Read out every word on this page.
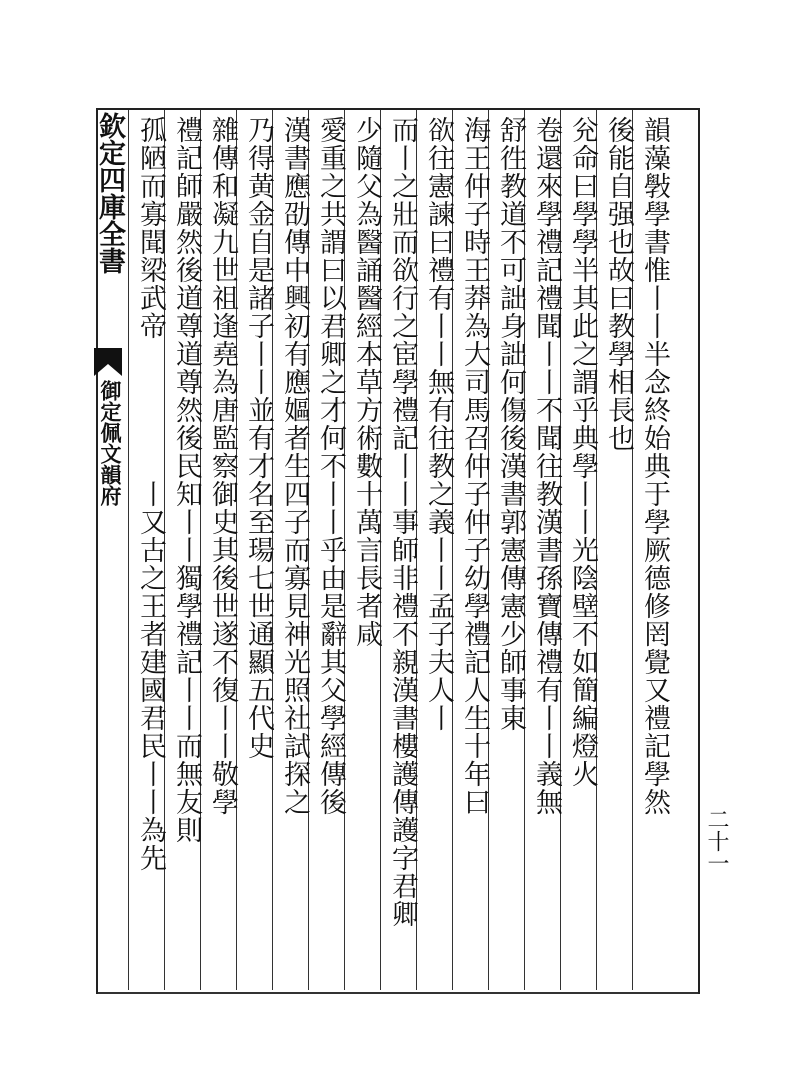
欽定四庫全書
御定佩文韻府
二十一
韻藻斅學書惟丨丨半念終始典于學厥德修罔覺又禮記學然
後能自强也故曰教學相長也
兊命曰學學半其此之謂乎典學丨丨光陰壁不如簡編燈火
卷還來學禮記禮聞丨丨不聞往教漢書孫寶傳禮有丨丨義無
舒徃教道不可詘身詘何傷後漢書郭憲傳憲少師事東
海王仲子時王莽為大司馬召仲子仲子幼學禮記人生十年曰
欲往憲諫曰禮有丨丨無有往教之義丨丨孟子夫人丨
而丨之壯而欲行之宦學禮記丨丨事師非禮不親漢書樓護傳護字君卿
少隨父為醫誦醫經本草方術數十萬言長者咸
愛重之共謂曰以君卿之才何不丨丨乎由是辭其父學經傳後
漢書應劭傳中興初有應嫗者生四子而寡見神光照社試探之
乃得黄金自是諸子丨丨並有才名至瑒七世通顯五代史
雜傳和凝九世祖逢堯為唐監察御史其後世遂不復丨丨敬學
禮記師嚴然後道尊道尊然後民知丨丨獨學禮記丨丨而無友則
孤陋而寡聞梁武帝
丨又古之王者建國君民丨丨為先
